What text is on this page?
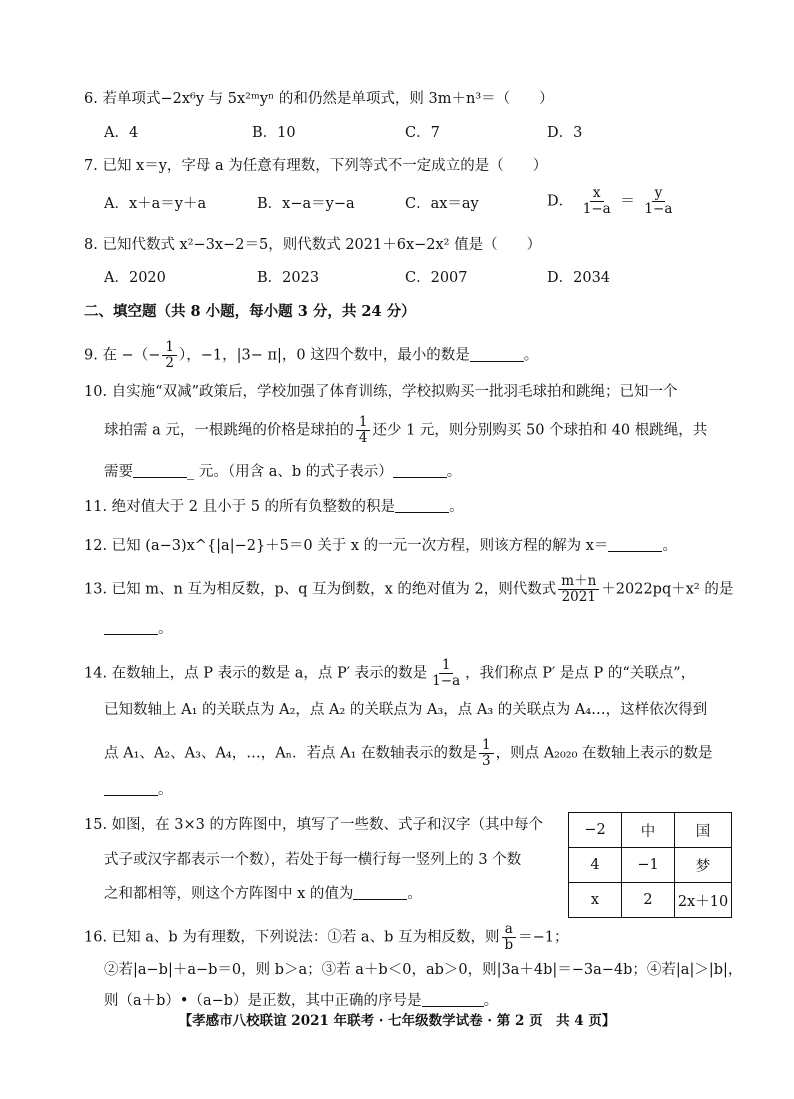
6. 若单项式−2x⁶y 与 5x²ᵐyⁿ 的和仍然是单项式，则 3m＋n³＝（　　）
A．4	B．10	C．7	D．3
7. 已知 x＝y，字母 a 为任意有理数，下列等式不一定成立的是（　　）
A．x＋a＝y＋a	B．x−a＝y−a	C．ax＝ay	D． $\frac{x}{1-a} = \frac{y}{1-a}$
8. 已知代数式 x²−3x−2＝5，则代数式 2021＋6x−2x² 值是（　　）
A．2020	B．2023	C．2007	D．2034
二、填空题（共 8 小题，每小题 3 分，共 24 分）
9. 在 −（− $\frac{1}{2}$ ），−1，|3− π|，0 这四个数中，最小的数是	。
10. 自实施“双减”政策后，学校加强了体育训练，学校拟购买一批羽毛球拍和跳绳；已知一个
球拍需 a 元，一根跳绳的价格是球拍的 $\frac{1}{4}$ 还少 1 元，则分别购买 50 个球拍和 40 根跳绳，共
需要	_ 元。（用含 a、b 的式子表示）	。
11. 绝对值大于 2 且小于 5 的所有负整数的积是	。
12. 已知 (a−3)x^{|a|−2}＋5＝0 关于 x 的一元一次方程，则该方程的解为 x＝	。
13. 已知 m、n 互为相反数，p、q 互为倒数，x 的绝对值为 2，则代数式 $\frac{m+n}{2021} +2022pq+x^2$ 的是
。
14. 在数轴上，点 P 表示的数是 a，点 P′ 表示的数是 $\frac{1}{1-a}$ ，我们称点 P′ 是点 P 的“关联点”，
已知数轴上 A₁ 的关联点为 A₂，点 A₂ 的关联点为 A₃，点 A₃ 的关联点为 A₄…，这样依次得到
点 A₁、A₂、A₃、A₄，…，Aₙ．若点 A₁ 在数轴表示的数是 $\frac{1}{3}$ ，则点 A₂₀₂₀ 在数轴上表示的数是
。
15. 如图，在 3×3 的方阵图中，填写了一些数、式子和汉字（其中每个
式子或汉字都表示一个数），若处于每一横行每一竖列上的 3 个数
之和都相等，则这个方阵图中 x 的值为	。
−2	中	国
4	−1	梦
x	2	2x＋10
16. 已知 a、b 为有理数，下列说法：①若 a、b 互为相反数，则 $\frac{a}{b} =-1$；
②若|a−b|＋a−b＝0，则 b＞a；③若 a＋b＜0，ab＞0，则|3a＋4b|＝−3a−4b；④若|a|＞|b|，
则（a＋b）•（a−b）是正数，其中正确的序号是	。
【孝感市八校联谊 2021 年联考 · 七年级数学试卷 · 第 2 页　共 4 页】
